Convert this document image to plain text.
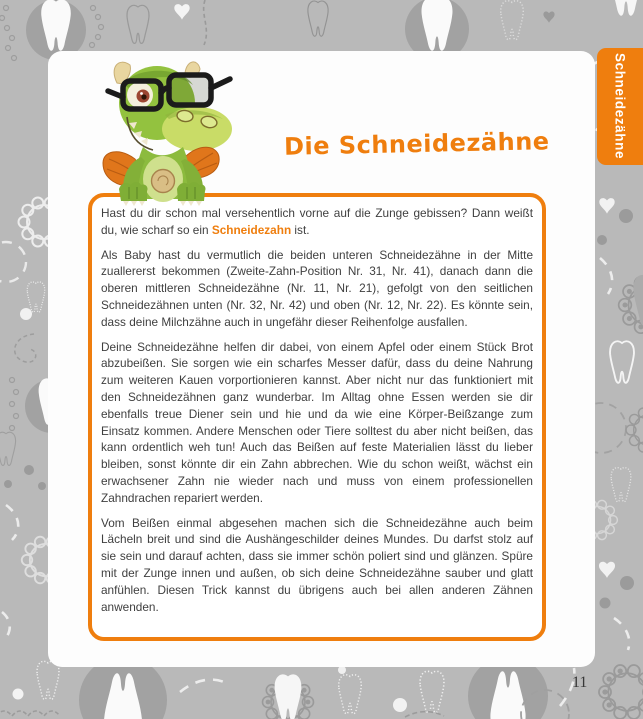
Die Schneidezähne

Hast du dir schon mal versehentlich vorne auf die Zunge gebissen? Dann weißt du, wie scharf so ein Schneidezahn ist.

Als Baby hast du vermutlich die beiden unteren Schneidezähne in der Mitte zuallererst bekommen (Zweite-Zahn-Position Nr. 31, Nr. 41), danach dann die oberen mittleren Schneidezähne (Nr. 11, Nr. 21), gefolgt von den seitlichen Schneidezähnen unten (Nr. 32, Nr. 42) und oben (Nr. 12, Nr. 22). Es könnte sein, dass deine Milchzähne auch in ungefähr dieser Reihenfolge ausfallen.

Deine Schneidezähne helfen dir dabei, von einem Apfel oder einem Stück Brot abzubeißen. Sie sorgen wie ein scharfes Messer dafür, dass du deine Nahrung zum weiteren Kauen vorportionieren kannst. Aber nicht nur das funktioniert mit den Schneidezähnen ganz wunderbar. Im Alltag ohne Essen werden sie dir ebenfalls treue Diener sein und hie und da wie eine Körper-Beißzange zum Einsatz kommen. Andere Menschen oder Tiere solltest du aber nicht beißen, das kann ordentlich weh tun! Auch das Beißen auf feste Materialien lässt du lieber bleiben, sonst könnte dir ein Zahn abbrechen. Wie du schon weißt, wächst ein erwachsener Zahn nie wieder nach und muss von einem professionellen Zahndrachen repariert werden.

Vom Beißen einmal abgesehen machen sich die Schneidezähne auch beim Lächeln breit und sind die Aushängeschilder deines Mundes. Du darfst stolz auf sie sein und darauf achten, dass sie immer schön poliert sind und glänzen. Spüre mit der Zunge innen und außen, ob sich deine Schneidezähne sauber und glatt anfühlen. Diesen Trick kannst du übrigens auch bei allen anderen Zähnen anwenden.

Schneidezähne
11
